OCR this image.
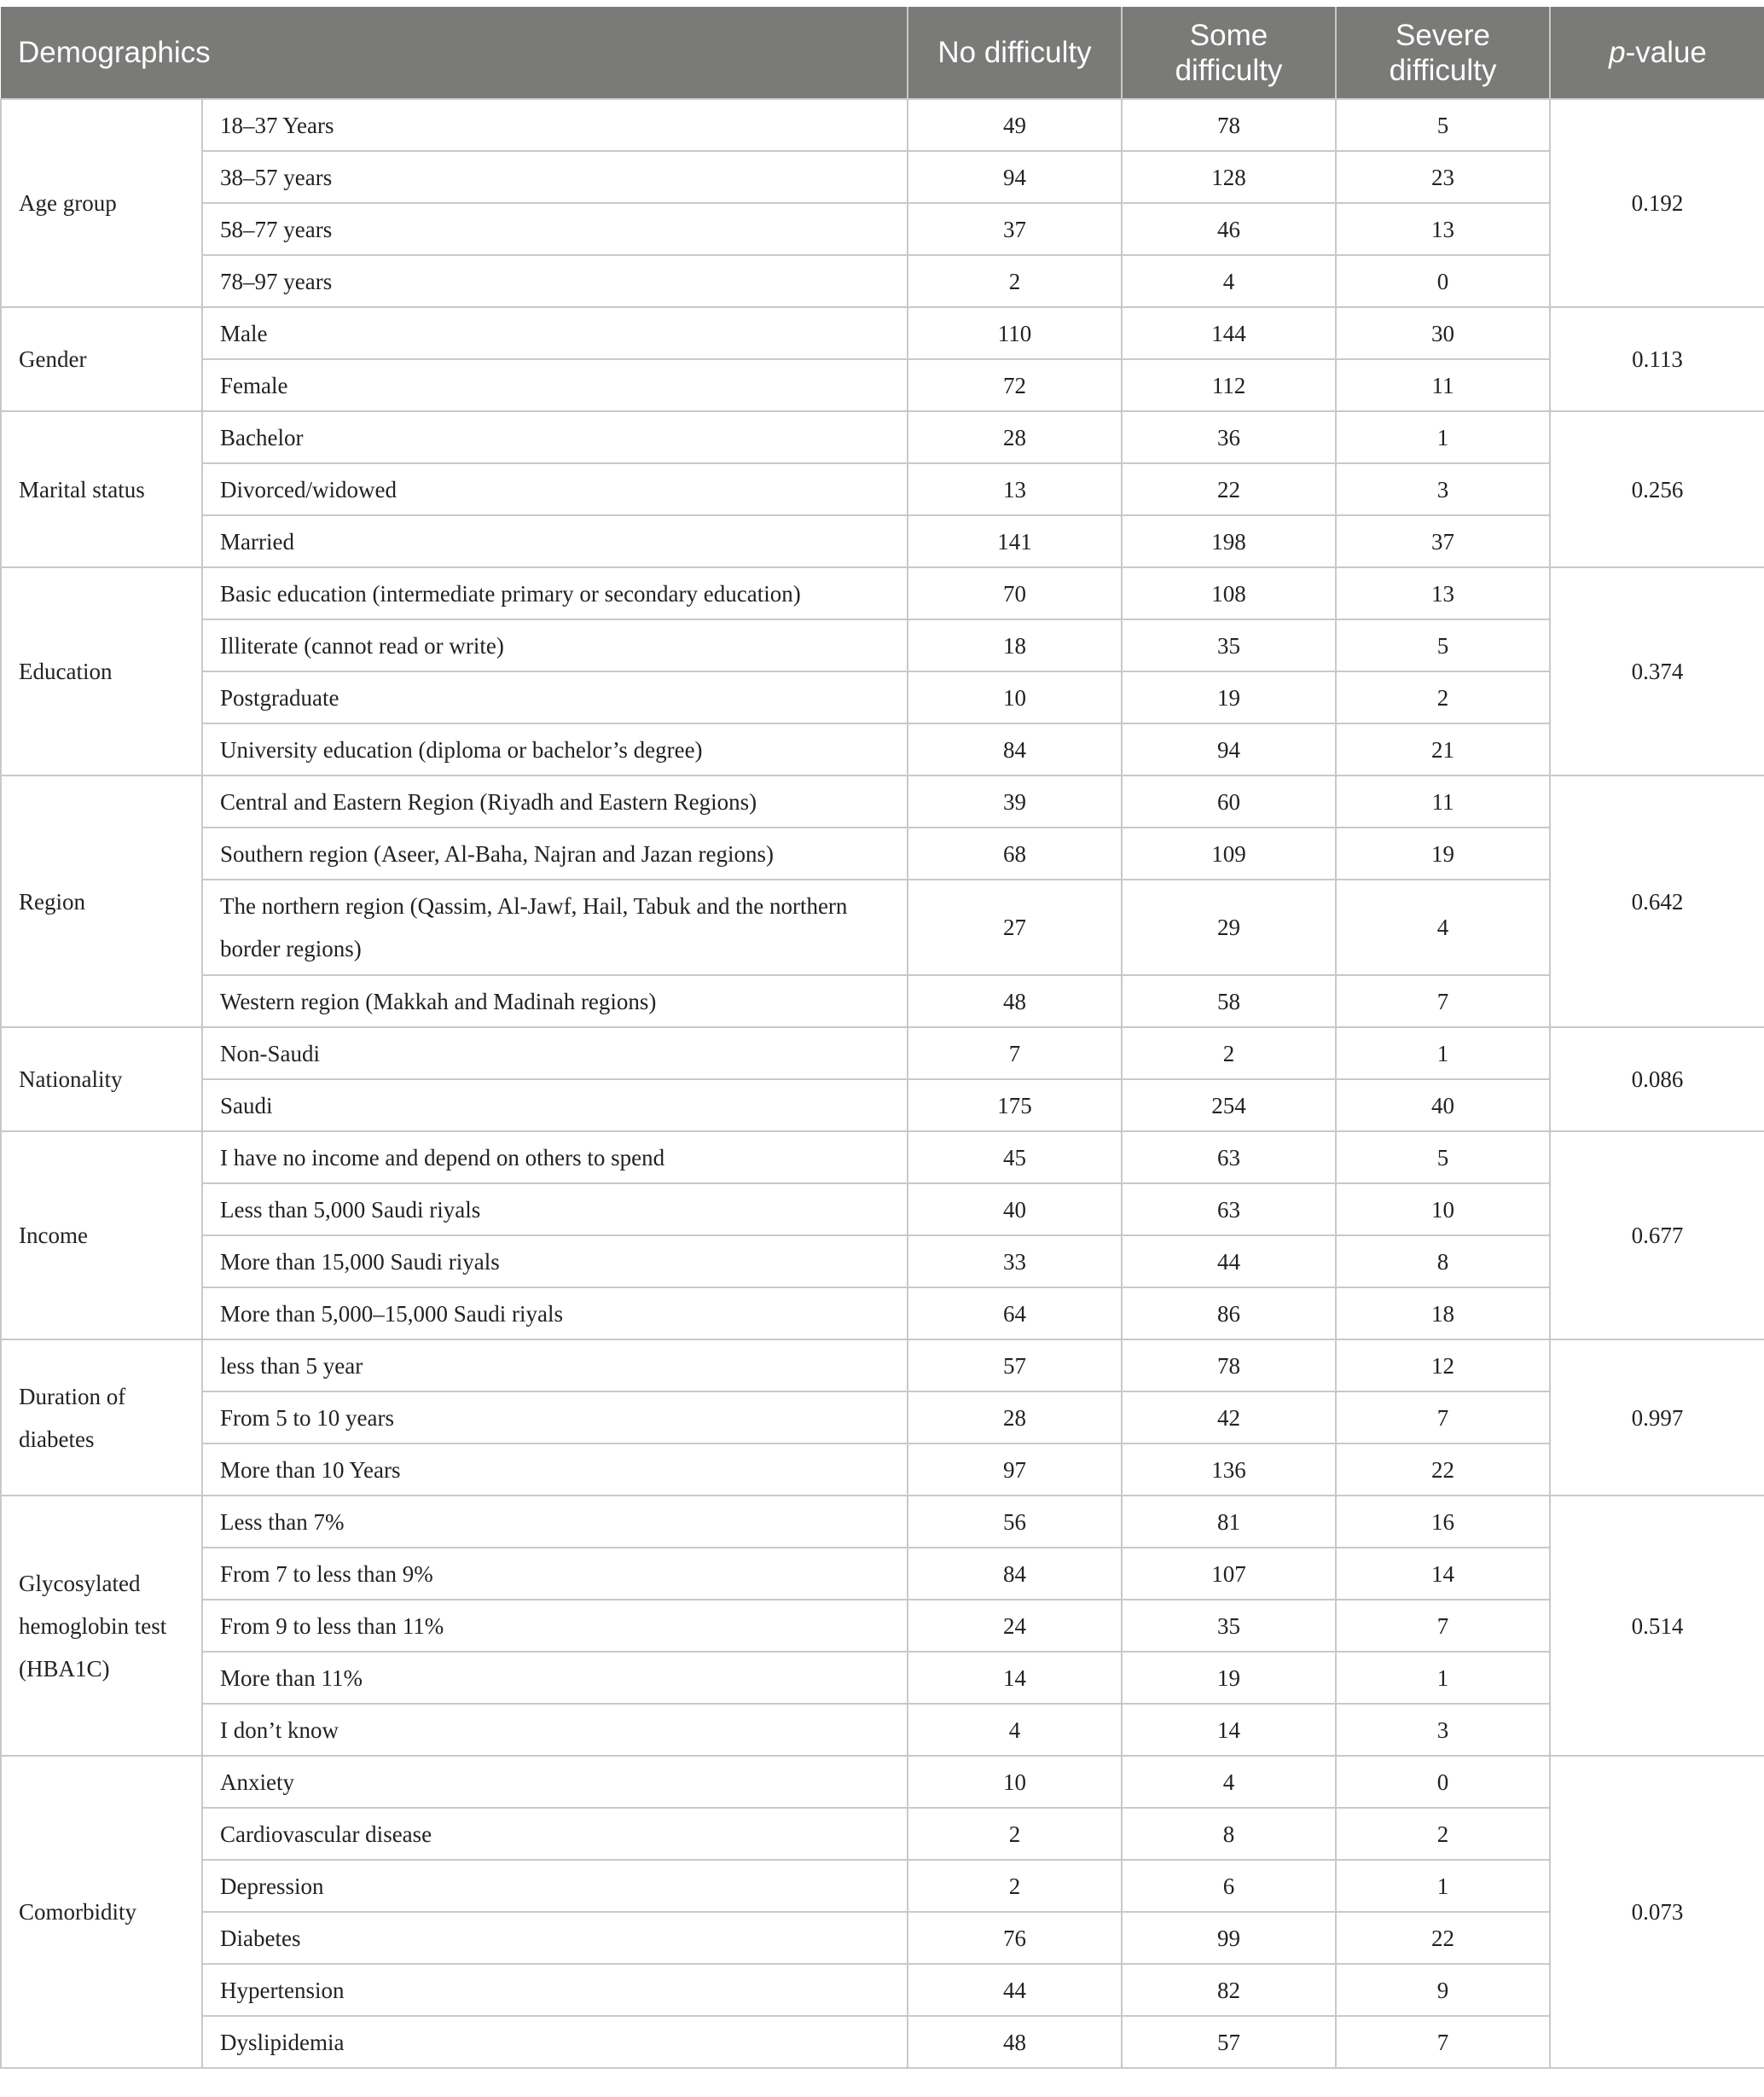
Demographics		No difficulty	Some difficulty	Severe difficulty	p-value
Age group	18–37 Years	49	78	5	0.192
	38–57 years	94	128	23	
	58–77 years	37	46	13	
	78–97 years	2	4	0	
Gender	Male	110	144	30	0.113
	Female	72	112	11	
Marital status	Bachelor	28	36	1	0.256
	Divorced/widowed	13	22	3	
	Married	141	198	37	
Education	Basic education (intermediate primary or secondary education)	70	108	13	0.374
	Illiterate (cannot read or write)	18	35	5	
	Postgraduate	10	19	2	
	University education (diploma or bachelor’s degree)	84	94	21	
Region	Central and Eastern Region (Riyadh and Eastern Regions)	39	60	11	0.642
	Southern region (Aseer, Al-Baha, Najran and Jazan regions)	68	109	19	
	The northern region (Qassim, Al-Jawf, Hail, Tabuk and the northern border regions)	27	29	4	
	Western region (Makkah and Madinah regions)	48	58	7	
Nationality	Non-Saudi	7	2	1	0.086
	Saudi	175	254	40	
Income	I have no income and depend on others to spend	45	63	5	0.677
	Less than 5,000 Saudi riyals	40	63	10	
	More than 15,000 Saudi riyals	33	44	8	
	More than 5,000–15,000 Saudi riyals	64	86	18	
Duration of diabetes	less than 5 year	57	78	12	0.997
	From 5 to 10 years	28	42	7	
	More than 10 Years	97	136	22	
Glycosylated hemoglobin test (HBA1C)	Less than 7%	56	81	16	0.514
	From 7 to less than 9%	84	107	14	
	From 9 to less than 11%	24	35	7	
	More than 11%	14	19	1	
	I don’t know	4	14	3	
Comorbidity	Anxiety	10	4	0	0.073
	Cardiovascular disease	2	8	2	
	Depression	2	6	1	
	Diabetes	76	99	22	
	Hypertension	44	82	9	
	Dyslipidemia	48	57	7	
